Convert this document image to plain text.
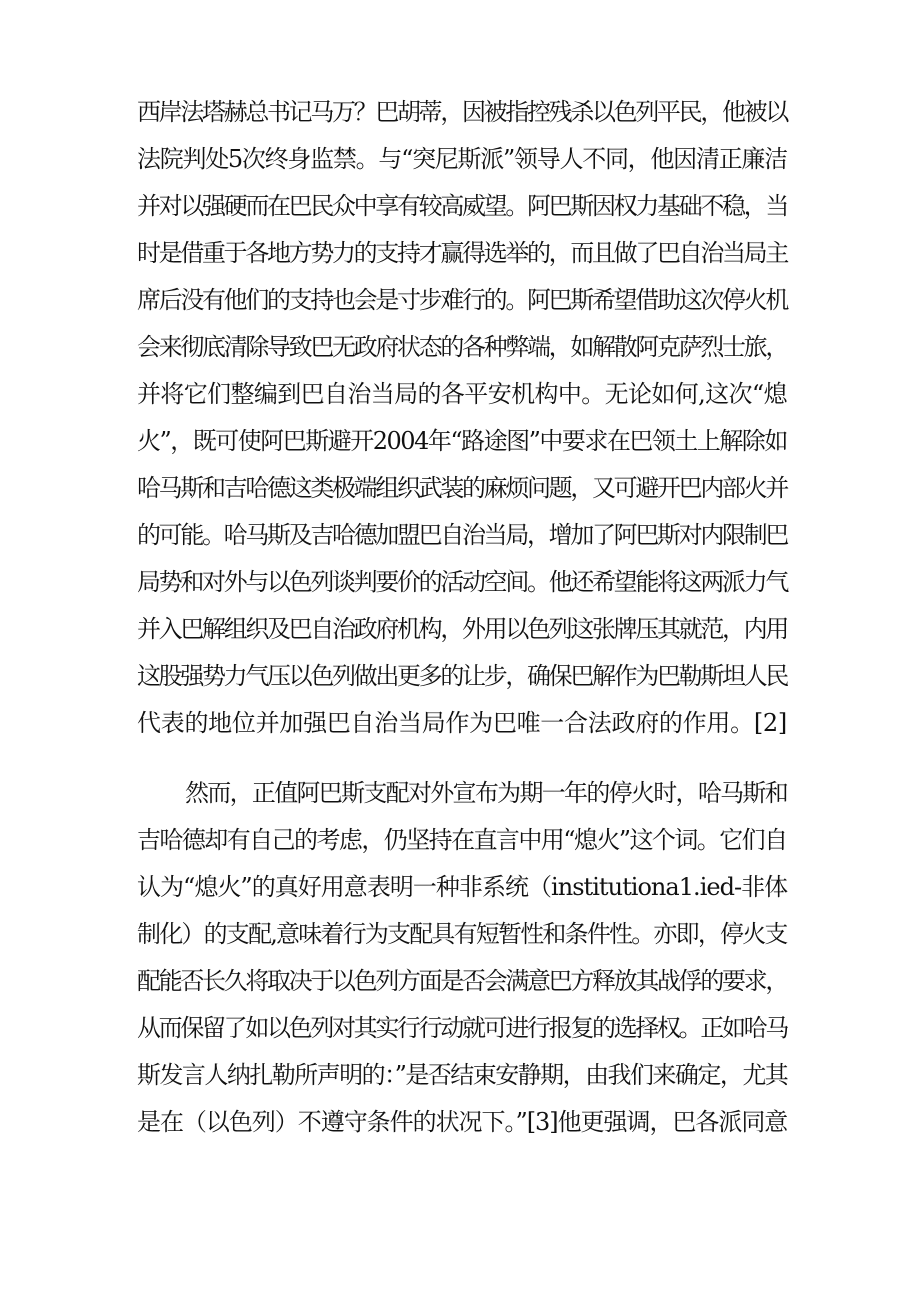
西岸法塔赫总书记马万？巴胡蒂，因被指控残杀以色列平民，他被以
法院判处5次终身监禁。与“突尼斯派”领导人不同，他因清正廉洁
并对以强硬而在巴民众中享有较高威望。阿巴斯因权力基础不稳，当
时是借重于各地方势力的支持才赢得选举的，而且做了巴自治当局主
席后没有他们的支持也会是寸步难行的。阿巴斯希望借助这次停火机
会来彻底清除导致巴无政府状态的各种弊端，如解散阿克萨烈士旅，
并将它们整编到巴自治当局的各平安机构中。无论如何,这次“熄
火”，既可使阿巴斯避开2004年“路途图”中要求在巴领土上解除如
哈马斯和吉哈德这类极端组织武装的麻烦问题，又可避开巴内部火并
的可能。哈马斯及吉哈德加盟巴自治当局，增加了阿巴斯对内限制巴
局势和对外与以色列谈判要价的活动空间。他还希望能将这两派力气
并入巴解组织及巴自治政府机构，外用以色列这张牌压其就范，内用
这股强势力气压以色列做出更多的让步，确保巴解作为巴勒斯坦人民
代表的地位并加强巴自治当局作为巴唯一合法政府的作用。[2]
然而，正值阿巴斯支配对外宣布为期一年的停火时，哈马斯和
吉哈德却有自己的考虑，仍坚持在直言中用“熄火”这个词。它们自
认为“熄火”的真好用意表明一种非系统（institutiona1.ied-非体
制化）的支配,意味着行为支配具有短暂性和条件性。亦即，停火支
配能否长久将取决于以色列方面是否会满意巴方释放其战俘的要求，
从而保留了如以色列对其实行行动就可进行报复的选择权。正如哈马
斯发言人纳扎勒所声明的：”是否结束安静期，由我们来确定，尤其
是在（以色列）不遵守条件的状况下。”[3]他更强调，巴各派同意
